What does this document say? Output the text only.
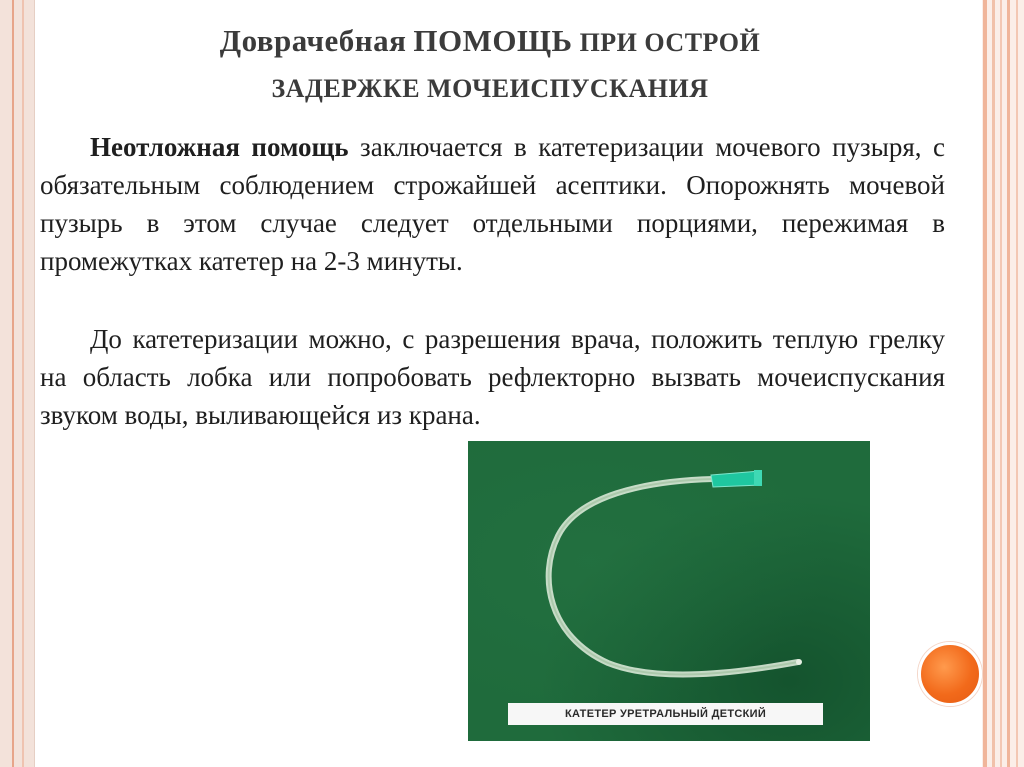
Доврачебная ПОМОЩЬ ПРИ ОСТРОЙ
ЗАДЕРЖКЕ МОЧЕИСПУСКАНИЯ

Неотложная помощь заключается в катетеризации мочевого пузыря, с обязательным соблюдением строжайшей асептики. Опорожнять мочевой пузырь в этом случае следует отдельными порциями, пережимая в промежутках катетер на 2-3 минуты.

До катетеризации можно, с разрешения врача, положить теплую грелку на область лобка или попробовать рефлекторно вызвать мочеиспускания звуком воды, выливающейся из крана.

КАТЕТЕР УРЕТРАЛЬНЫЙ ДЕТСКИЙ
